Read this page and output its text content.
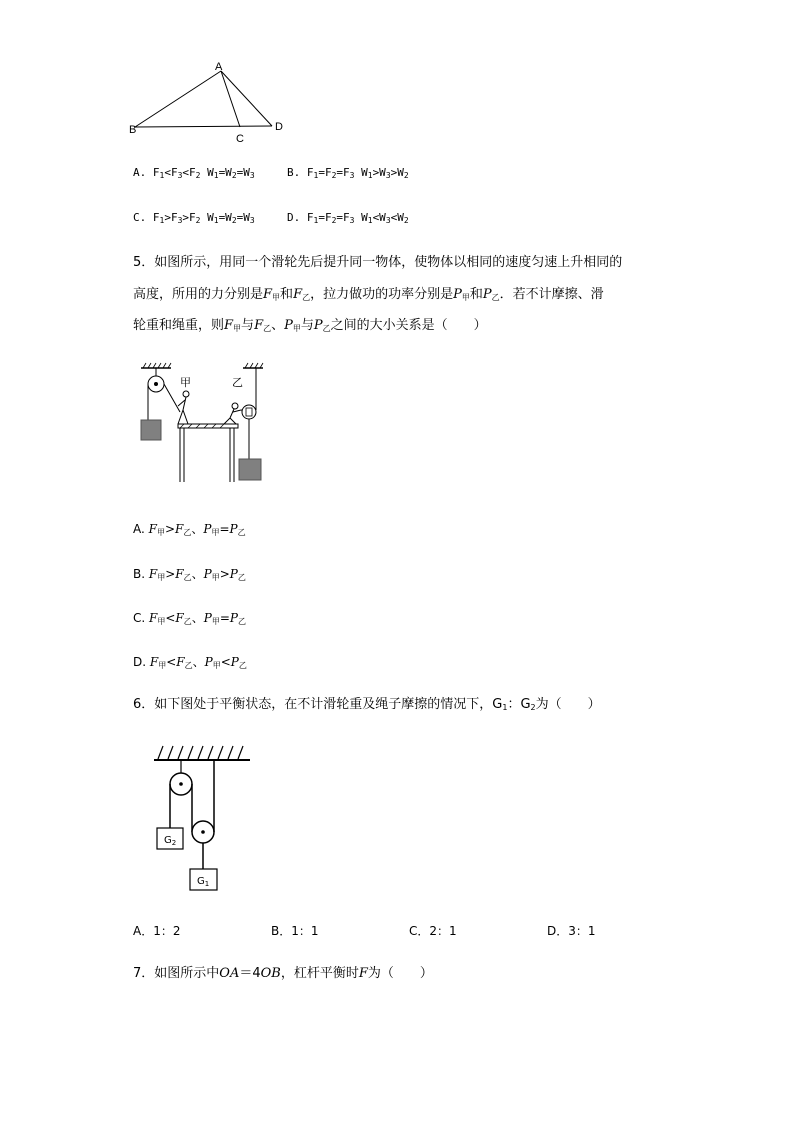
A
B
C
D
A. $F_1<F_3<F_2$ $W_1=W_2=W_3$	B. $F_1=F_2=F_3$ $W_1>W_3>W_2$
C. $F_1>F_3>F_2$ $W_1=W_2=W_3$	D. $F_1=F_2=F_3$ $W_1<W_3<W_2$
5．如图所示，用同一个滑轮先后提升同一物体，使物体以相同的速度匀速上升相同的
高度，所用的力分别是$F_甲$和$F_乙$，拉力做功的功率分别是$P_甲$和$P_乙$．若不计摩擦、滑
轮重和绳重，则$F_甲$与$F_乙$、$P_甲$与$P_乙$之间的大小关系是（　　）
甲	乙
A. $F_甲>F_乙$、$P_甲=P_乙$
B. $F_甲>F_乙$、$P_甲>P_乙$
C. $F_甲<F_乙$、$P_甲=P_乙$
D. $F_甲<F_乙$、$P_甲<P_乙$
6．如下图处于平衡状态，在不计滑轮重及绳子摩擦的情况下，$G_1$：$G_2$为（　　）
$G_2$
$G_1$
A．1：2	B．1：1	C．2：1	D．3：1
7．如图所示中OA＝4OB，杠杆平衡时F为（　　）
